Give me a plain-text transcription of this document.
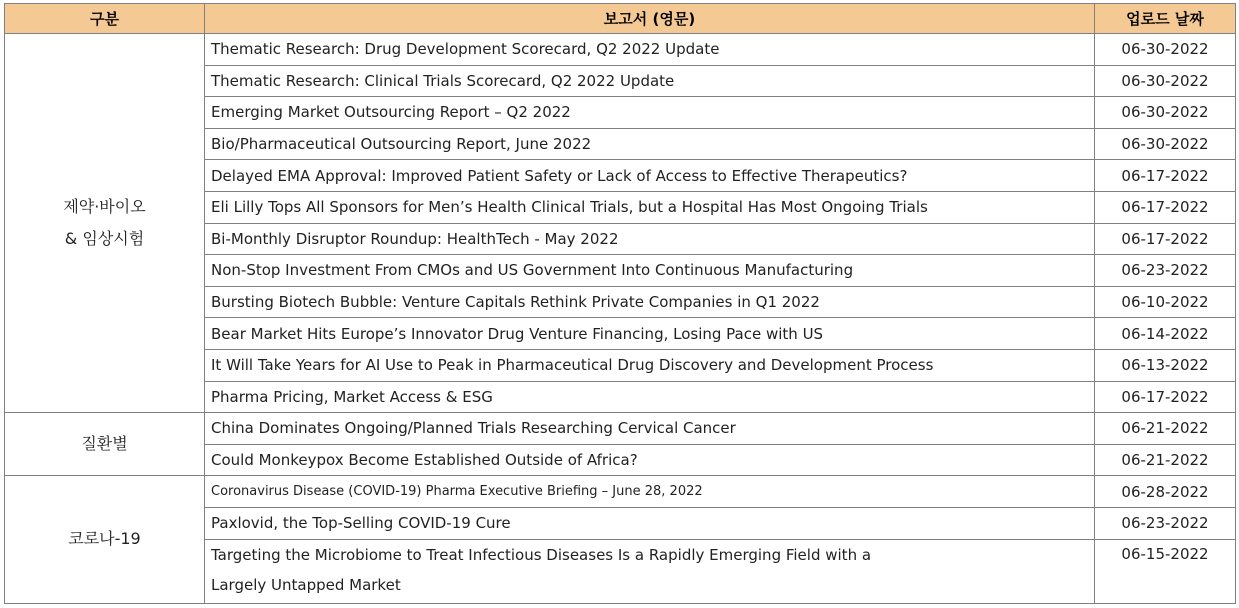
구분	보고서 (영문)	업로드 날짜

제약·바이오
& 임상시험	Thematic Research: Drug Development Scorecard, Q2 2022 Update	06-30-2022
	Thematic Research: Clinical Trials Scorecard, Q2 2022 Update	06-30-2022
	Emerging Market Outsourcing Report – Q2 2022	06-30-2022
	Bio/Pharmaceutical Outsourcing Report, June 2022	06-30-2022
	Delayed EMA Approval: Improved Patient Safety or Lack of Access to Effective Therapeutics?	06-17-2022
	Eli Lilly Tops All Sponsors for Men’s Health Clinical Trials, but a Hospital Has Most Ongoing Trials	06-17-2022
	Bi-Monthly Disruptor Roundup: HealthTech - May 2022	06-17-2022
	Non-Stop Investment From CMOs and US Government Into Continuous Manufacturing	06-23-2022
	Bursting Biotech Bubble: Venture Capitals Rethink Private Companies in Q1 2022	06-10-2022
	Bear Market Hits Europe’s Innovator Drug Venture Financing, Losing Pace with US	06-14-2022
	It Will Take Years for AI Use to Peak in Pharmaceutical Drug Discovery and Development Process	06-13-2022
	Pharma Pricing, Market Access & ESG	06-17-2022

질환별	China Dominates Ongoing/Planned Trials Researching Cervical Cancer	06-21-2022
	Could Monkeypox Become Established Outside of Africa?	06-21-2022

코로나-19	Coronavirus Disease (COVID-19) Pharma Executive Briefing – June 28, 2022	06-28-2022
	Paxlovid, the Top-Selling COVID-19 Cure	06-23-2022
	Targeting the Microbiome to Treat Infectious Diseases Is a Rapidly Emerging Field with a Largely Untapped Market	06-15-2022
